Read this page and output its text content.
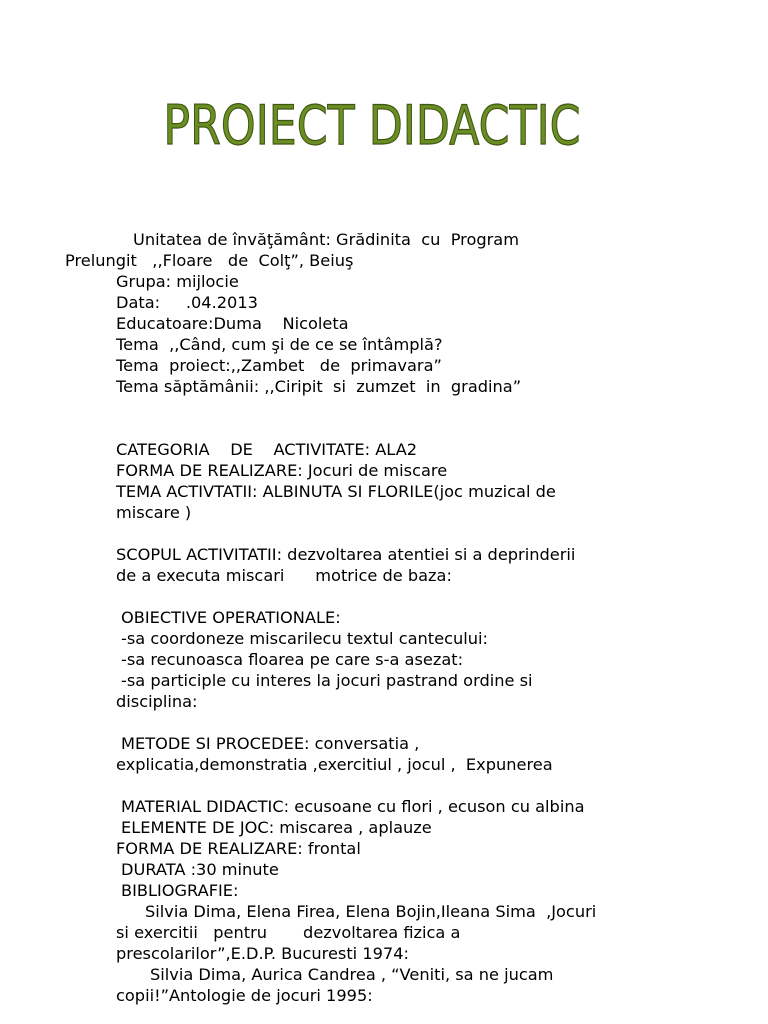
PROIECT DIDACTIC
Unitatea de învăţământ: Grădinita  cu  Program
Prelungit   ,,Floare   de  Colţ”, Beiuş
Grupa: mijlocie
Data:     .04.2013
Educatoare:Duma    Nicoleta
Tema  ,,Când, cum şi de ce se întâmplă?
Tema  proiect:,,Zambet   de  primavara”
Tema săptămânii: ,,Ciripit  si  zumzet  in  gradina”
CATEGORIA    DE    ACTIVITATE: ALA2
FORMA DE REALIZARE: Jocuri de miscare
TEMA ACTIVTATII: ALBINUTA SI FLORILE(joc muzical de
miscare )
SCOPUL ACTIVITATII: dezvoltarea atentiei si a deprinderii
de a executa miscari      motrice de baza:
OBIECTIVE OPERATIONALE:
-sa coordoneze miscarilecu textul cantecului:
-sa recunoasca floarea pe care s-a asezat:
-sa participle cu interes la jocuri pastrand ordine si
disciplina:
METODE SI PROCEDEE: conversatia ,
explicatia,demonstratia ,exercitiul , jocul ,  Expunerea
MATERIAL DIDACTIC: ecusoane cu flori , ecuson cu albina
ELEMENTE DE JOC: miscarea , aplauze
FORMA DE REALIZARE: frontal
DURATA :30 minute
BIBLIOGRAFIE:
Silvia Dima, Elena Firea, Elena Bojin,Ileana Sima  ,Jocuri
si exercitii   pentru       dezvoltarea fizica a
prescolarilor”,E.D.P. Bucuresti 1974:
Silvia Dima, Aurica Candrea , “Veniti, sa ne jucam
copii!”Antologie de jocuri 1995:
